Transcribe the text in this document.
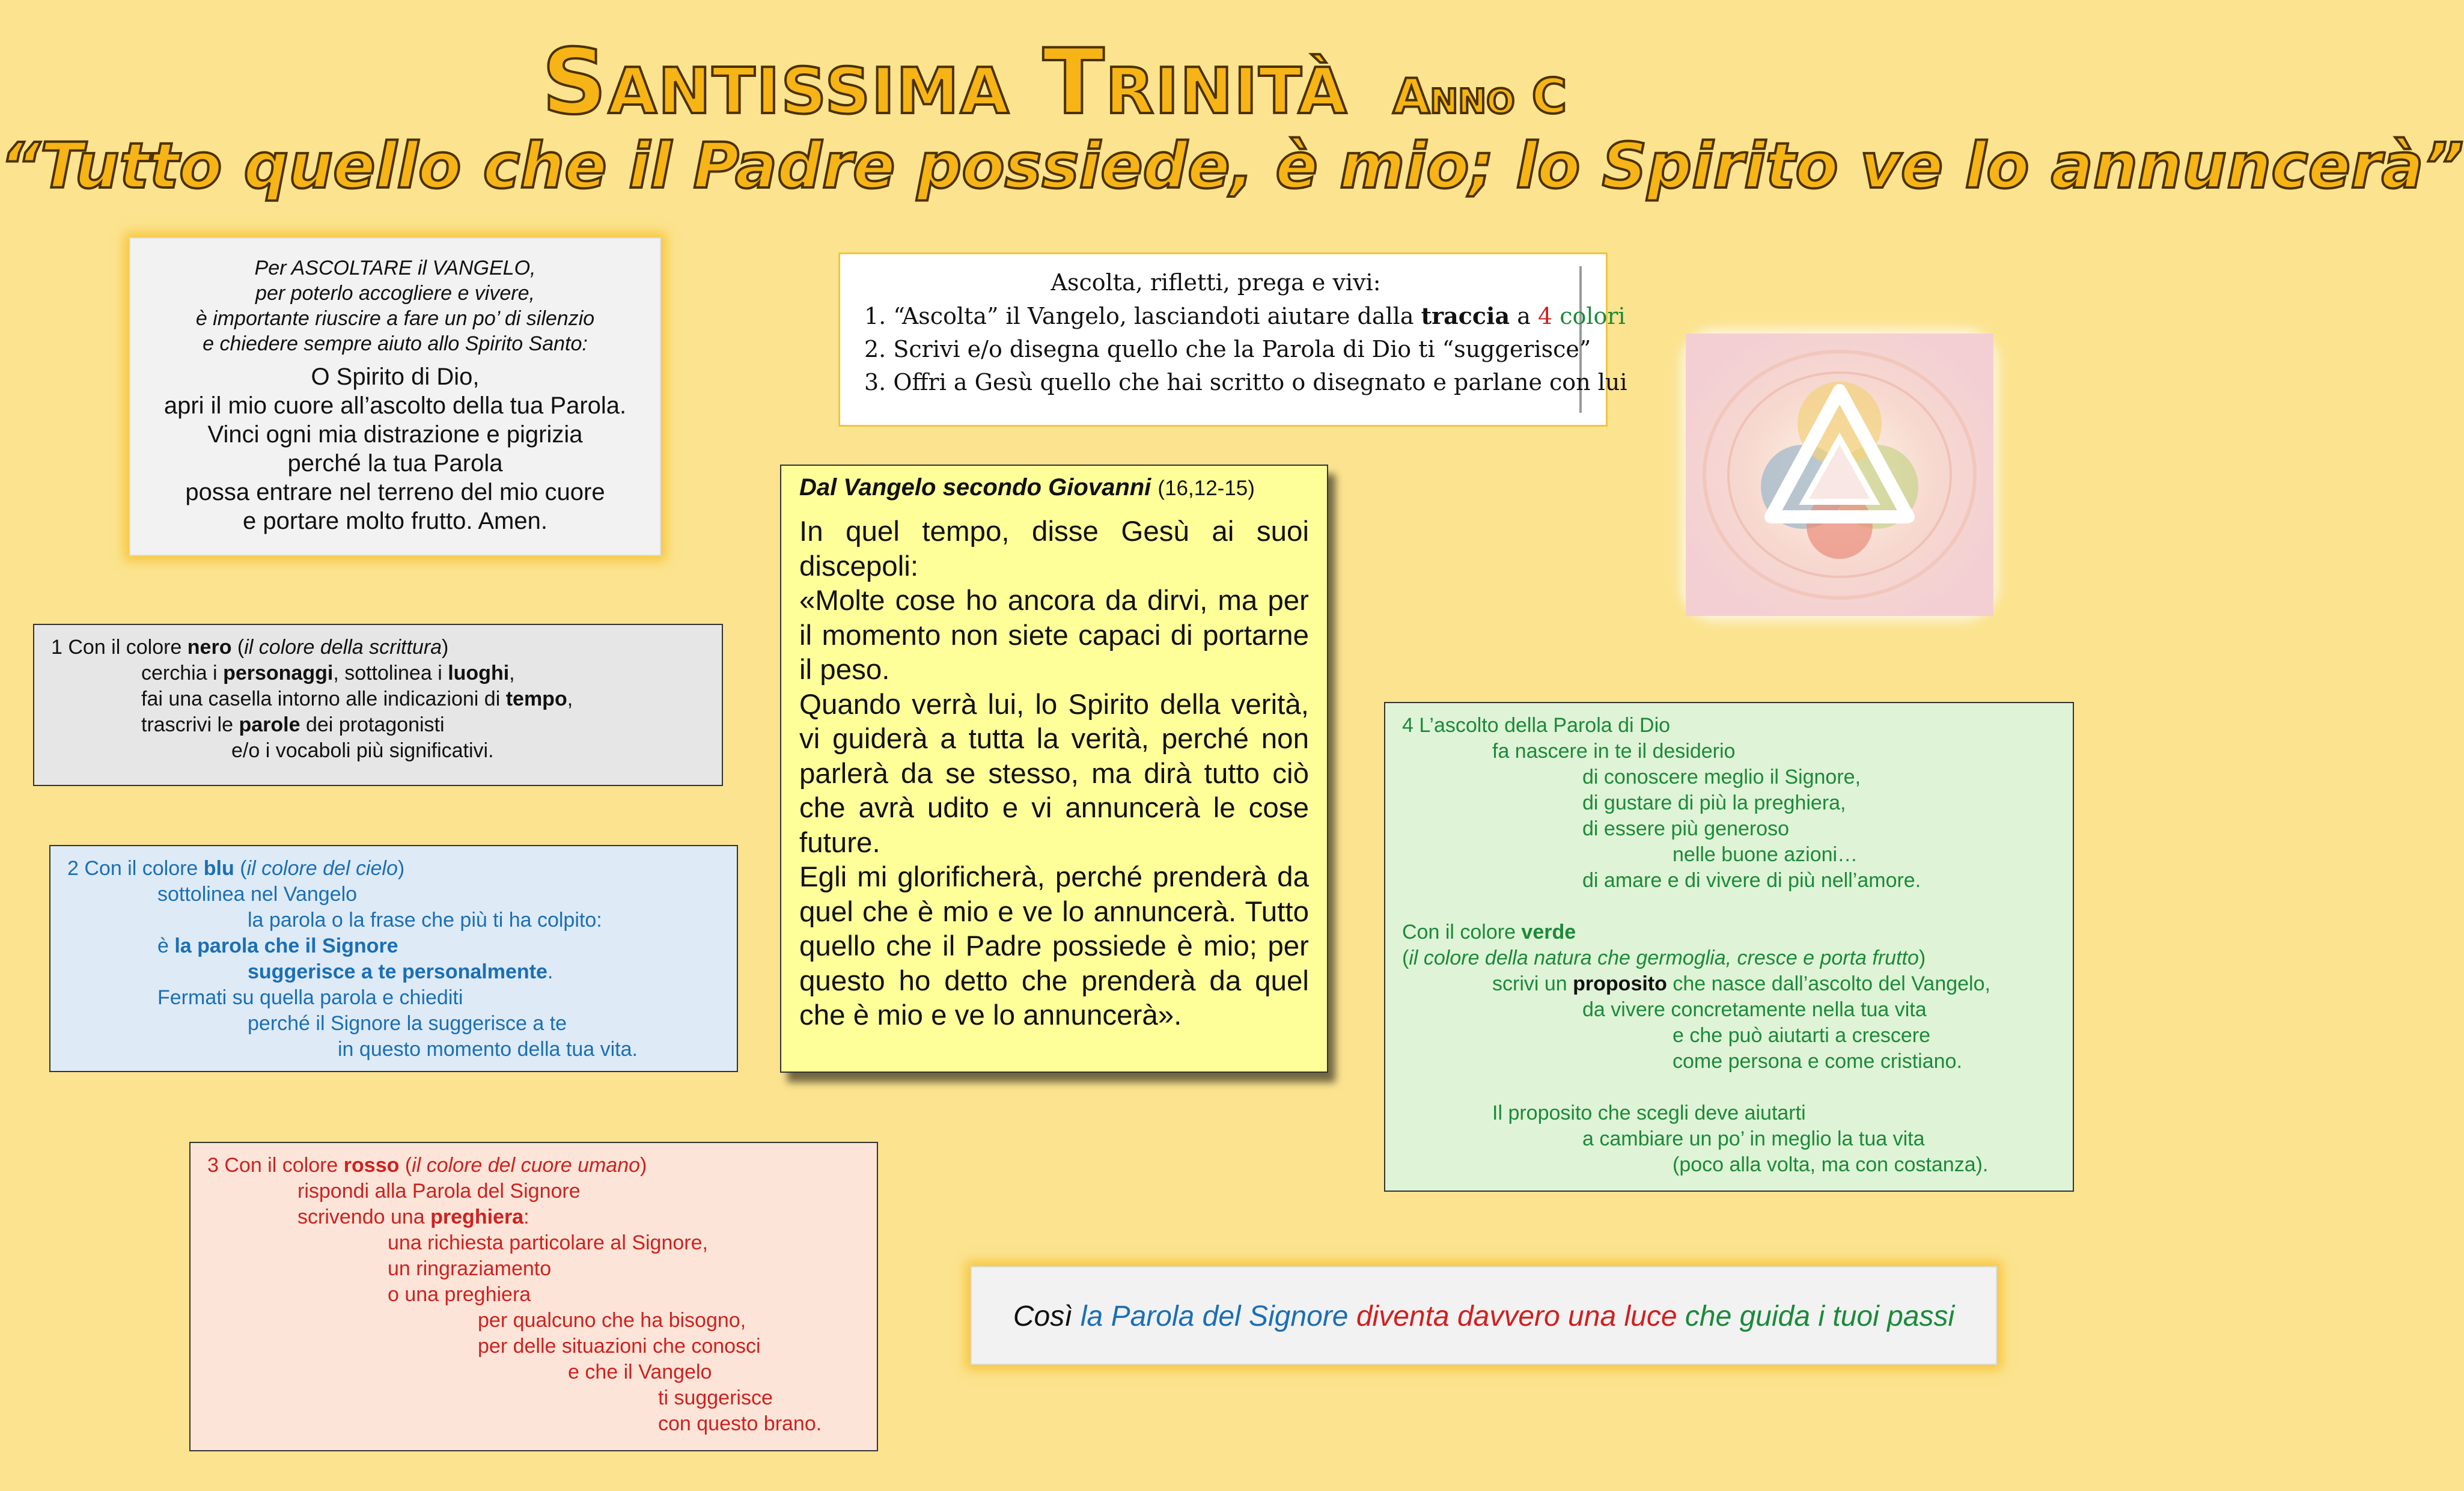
Santissima Trinità Anno C
“Tutto quello che il Padre possiede, è mio; lo Spirito ve lo annuncerà”
Per ASCOLTARE il VANGELO,
per poterlo accogliere e vivere,
è importante riuscire a fare un po’ di silenzio
e chiedere sempre aiuto allo Spirito Santo:
O Spirito di Dio,
apri il mio cuore all’ascolto della tua Parola.
Vinci ogni mia distrazione e pigrizia
perché la tua Parola
possa entrare nel terreno del mio cuore
e portare molto frutto. Amen.
Ascolta, rifletti, prega e vivi:
1. “Ascolta” il Vangelo, lasciandoti aiutare dalla traccia a 4 colori
2. Scrivi e/o disegna quello che la Parola di Dio ti “suggerisce”
3. Offri a Gesù quello che hai scritto o disegnato e parlane con lui
Dal Vangelo secondo Giovanni (16,12-15)

In quel tempo, disse Gesù ai suoi discepoli:

«Molte cose ho ancora da dirvi, ma per il momento non siete capaci di portarne il peso.

Quando verrà lui, lo Spirito della verità, vi guiderà a tutta la verità, perché non parlerà da se stesso, ma dirà tutto ciò che avrà udito e vi annuncerà le cose future.

Egli mi glorificherà, perché prenderà da quel che è mio e ve lo annuncerà. Tutto quello che il Padre possiede è mio; per questo ho detto che prenderà da quel che è mio e ve lo annuncerà».

1 Con il colore nero (il colore della scrittura)
cerchia i personaggi, sottolinea i luoghi,
fai una casella intorno alle indicazioni di tempo,
trascrivi le parole dei protagonisti
e/o i vocaboli più significativi.
2 Con il colore blu (il colore del cielo)
sottolinea nel Vangelo
la parola o la frase che più ti ha colpito:
è la parola che il Signore
suggerisce a te personalmente.
Fermati su quella parola e chiediti
perché il Signore la suggerisce a te
in questo momento della tua vita.
3 Con il colore rosso (il colore del cuore umano)
rispondi alla Parola del Signore
scrivendo una preghiera:
una richiesta particolare al Signore,
un ringraziamento
o una preghiera
per qualcuno che ha bisogno,
per delle situazioni che conosci
e che il Vangelo
ti suggerisce
con questo brano.
4 L’ascolto della Parola di Dio
fa nascere in te il desiderio
di conoscere meglio il Signore,
di gustare di più la preghiera,
di essere più generoso
nelle buone azioni…
di amare e di vivere di più nell’amore.
Con il colore verde
(il colore della natura che germoglia, cresce e porta frutto)
scrivi un proposito che nasce dall’ascolto del Vangelo,
da vivere concretamente nella tua vita
e che può aiutarti a crescere
come persona e come cristiano.
Il proposito che scegli deve aiutarti
a cambiare un po’ in meglio la tua vita
(poco alla volta, ma con costanza).
Così la Parola del Signore diventa davvero una luce che guida i tuoi passi
